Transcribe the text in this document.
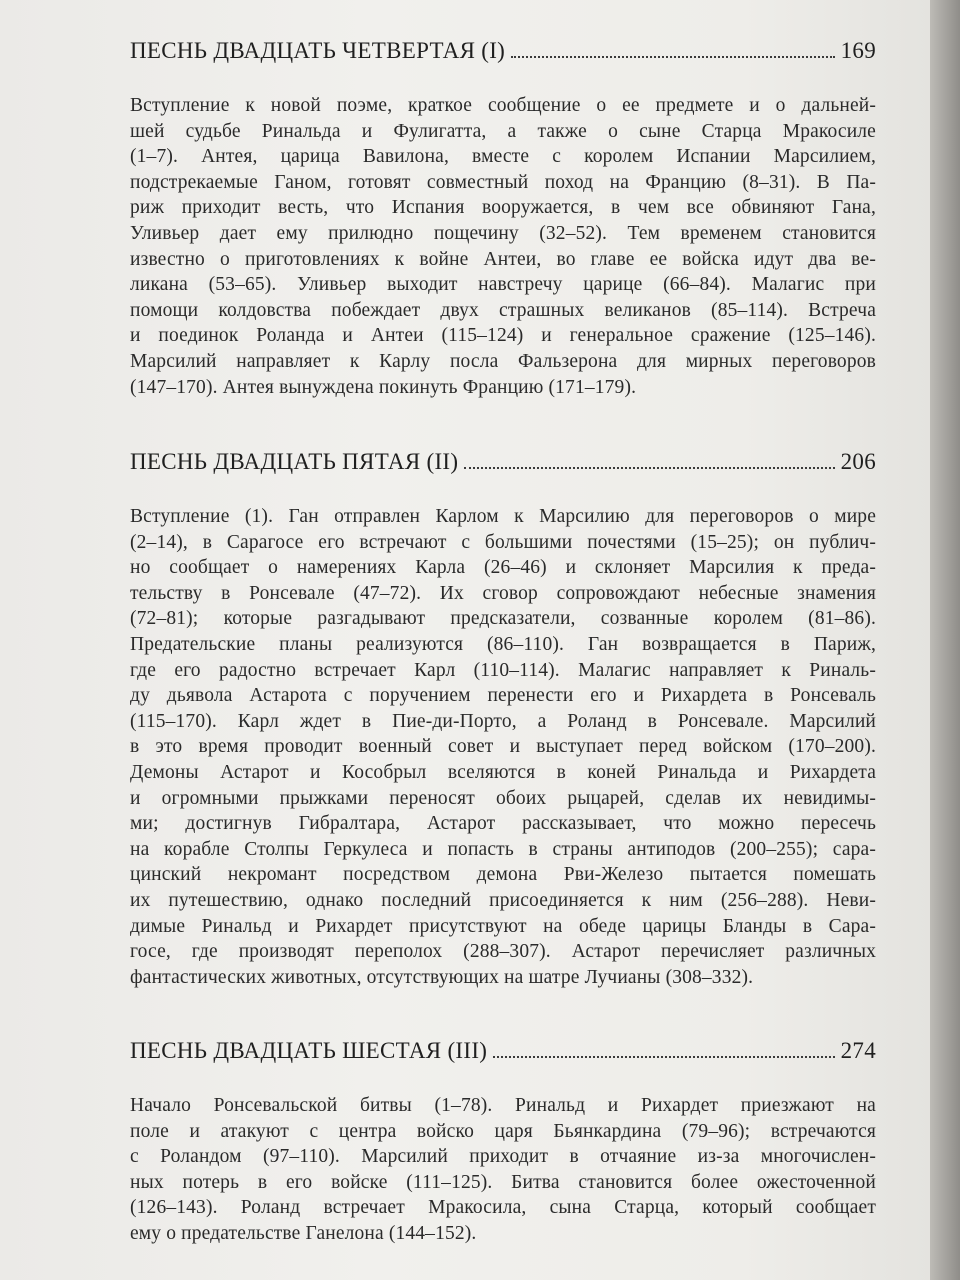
ПЕСНЬ ДВАДЦАТЬ ЧЕТВЕРТАЯ (I)	169
Вступление к новой поэме, краткое сообщение о ее предмете и о дальней-
шей судьбе Ринальда и Фулигатта, а также о сыне Старца Мракосиле
(1–7). Антея, царица Вавилона, вместе с королем Испании Марсилием,
подстрекаемые Ганом, готовят совместный поход на Францию (8–31). В Па-
риж приходит весть, что Испания вооружается, в чем все обвиняют Гана,
Уливьер дает ему прилюдно пощечину (32–52). Тем временем становится
известно о приготовлениях к войне Антеи, во главе ее войска идут два ве-
ликана (53–65). Уливьер выходит навстречу царице (66–84). Малагис при
помощи колдовства побеждает двух страшных великанов (85–114). Встреча
и поединок Роланда и Антеи (115–124) и генеральное сражение (125–146).
Марсилий направляет к Карлу посла Фальзерона для мирных переговоров
(147–170). Антея вынуждена покинуть Францию (171–179).
ПЕСНЬ ДВАДЦАТЬ ПЯТАЯ (II)	206
Вступление (1). Ган отправлен Карлом к Марсилию для переговоров о мире
(2–14), в Сарагосе его встречают с большими почестями (15–25); он публич-
но сообщает о намерениях Карла (26–46) и склоняет Марсилия к преда-
тельству в Ронсевале (47–72). Их сговор сопровождают небесные знамения
(72–81); которые разгадывают предсказатели, созванные королем (81–86).
Предательские планы реализуются (86–110). Ган возвращается в Париж,
где его радостно встречает Карл (110–114). Малагис направляет к Риналь-
ду дьявола Астарота с поручением перенести его и Рихардета в Ронсеваль
(115–170). Карл ждет в Пие-ди-Порто, а Роланд в Ронсевале. Марсилий
в это время проводит военный совет и выступает перед войском (170–200).
Демоны Астарот и Кособрыл вселяются в коней Ринальда и Рихардета
и огромными прыжками переносят обоих рыцарей, сделав их невидимы-
ми; достигнув Гибралтара, Астарот рассказывает, что можно пересечь
на корабле Столпы Геркулеса и попасть в страны антиподов (200–255); сара-
цинский некромант посредством демона Рви-Железо пытается помешать
их путешествию, однако последний присоединяется к ним (256–288). Неви-
димые Ринальд и Рихардет присутствуют на обеде царицы Бланды в Сара-
госе, где производят переполох (288–307). Астарот перечисляет различных
фантастических животных, отсутствующих на шатре Лучианы (308–332).
ПЕСНЬ ДВАДЦАТЬ ШЕСТАЯ (III)	274
Начало Ронсевальской битвы (1–78). Ринальд и Рихардет приезжают на
поле и атакуют с центра войско царя Бьянкардина (79–96); встречаются
с Роландом (97–110). Марсилий приходит в отчаяние из-за многочислен-
ных потерь в его войске (111–125). Битва становится более ожесточенной
(126–143). Роланд встречает Мракосила, сына Старца, который сообщает
ему о предательстве Ганелона (144–152).
